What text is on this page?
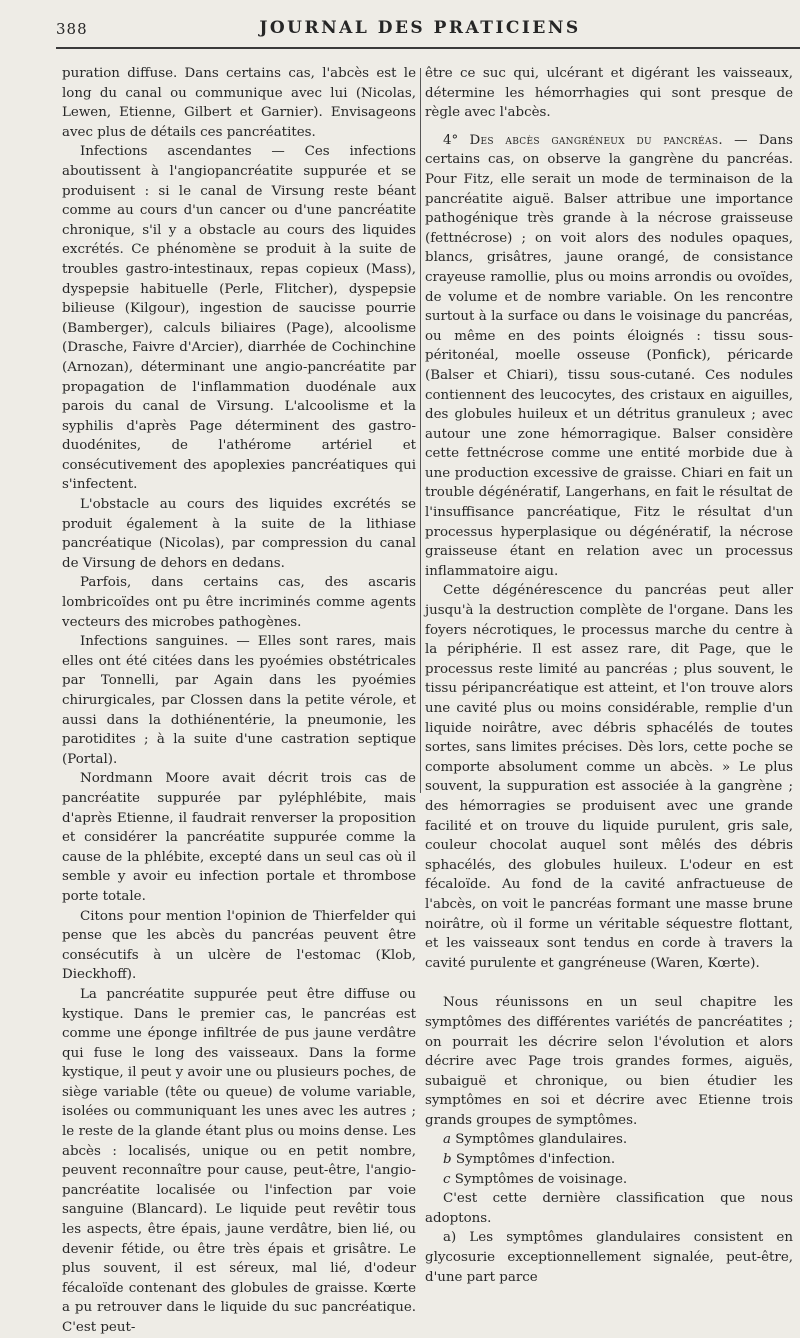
388	JOURNAL DES PRATICIENS

puration diffuse. Dans certains cas, l'abcès est le long du canal ou communique avec lui (Nicolas, Lewen, Etienne, Gilbert et Garnier). Envisageons avec plus de détails ces pancréatites.

Infections ascendantes — Ces infections aboutissent à l'angiopancréatite suppurée et se produisent : si le canal de Virsung reste béant comme au cours d'un cancer ou d'une pancréatite chronique, s'il y a obstacle au cours des liquides excrétés. Ce phénomène se produit à la suite de troubles gastro-intestinaux, repas copieux (Mass), dyspepsie habituelle (Perle, Flitcher), dyspepsie bilieuse (Kilgour), ingestion de saucisse pourrie (Bamberger), calculs biliaires (Page), alcoolisme (Drasche, Faivre d'Arcier), diarrhée de Cochinchine (Arnozan), déterminant une angio-pancréatite par propagation de l'inflammation duodénale aux parois du canal de Virsung. L'alcoolisme et la syphilis d'après Page déterminent des gastro-duodénites, de l'athérome artériel et consécutivement des apoplexies pancréatiques qui s'infectent.

L'obstacle au cours des liquides excrétés se produit également à la suite de la lithiase pancréatique (Nicolas), par compression du canal de Virsung de dehors en dedans.

Parfois, dans certains cas, des ascaris lombricoïdes ont pu être incriminés comme agents vecteurs des microbes pathogènes.

Infections sanguines. — Elles sont rares, mais elles ont été citées dans les pyoémies obstétricales par Tonnelli, par Again dans les pyoémies chirurgicales, par Clossen dans la petite vérole, et aussi dans la dothiénentérie, la pneumonie, les parotidites ; à la suite d'une castration septique (Portal).

Nordmann Moore avait décrit trois cas de pancréatite suppurée par pyléphlébite, mais d'après Etienne, il faudrait renverser la proposition et considérer la pancréatite suppurée comme la cause de la phlébite, excepté dans un seul cas où il semble y avoir eu infection portale et thrombose porte totale.

Citons pour mention l'opinion de Thierfelder qui pense que les abcès du pancréas peuvent être consécutifs à un ulcère de l'estomac (Klob, Dieckhoff).

La pancréatite suppurée peut être diffuse ou kystique. Dans le premier cas, le pancréas est comme une éponge infiltrée de pus jaune verdâtre qui fuse le long des vaisseaux. Dans la forme kystique, il peut y avoir une ou plusieurs poches, de siège variable (tête ou queue) de volume variable, isolées ou communiquant les unes avec les autres ; le reste de la glande étant plus ou moins dense. Les abcès : localisés, unique ou en petit nombre, peuvent reconnaître pour cause, peut-être, l'angio-pancréatite localisée ou l'infection par voie sanguine (Blancard). Le liquide peut revêtir tous les aspects, être épais, jaune verdâtre, bien lié, ou devenir fétide, ou être très épais et grisâtre. Le plus souvent, il est séreux, mal lié, d'odeur fécaloïde contenant des globules de graisse. Kœrte a pu retrouver dans le liquide du suc pancréatique. C'est peut-

être ce suc qui, ulcérant et digérant les vaisseaux, détermine les hémorrhagies qui sont presque de règle avec l'abcès.

4° Des abcès gangréneux du pancréas. — Dans certains cas, on observe la gangrène du pancréas. Pour Fitz, elle serait un mode de terminaison de la pancréatite aiguë. Balser attribue une importance pathogénique très grande à la nécrose graisseuse (fettnécrose) ; on voit alors des nodules opaques, blancs, grisâtres, jaune orangé, de consistance crayeuse ramollie, plus ou moins arrondis ou ovoïdes, de volume et de nombre variable. On les rencontre surtout à la surface ou dans le voisinage du pancréas, ou même en des points éloignés : tissu sous-péritonéal, moelle osseuse (Ponfick), péricarde (Balser et Chiari), tissu sous-cutané. Ces nodules contiennent des leucocytes, des cristaux en aiguilles, des globules huileux et un détritus granuleux ; avec autour une zone hémorragique. Balser considère cette fettnécrose comme une entité morbide due à une production excessive de graisse. Chiari en fait un trouble dégénératif, Langerhans, en fait le résultat de l'insuffisance pancréatique, Fitz le résultat d'un processus hyperplasique ou dégénératif, la nécrose graisseuse étant en relation avec un processus inflammatoire aigu.

Cette dégénérescence du pancréas peut aller jusqu'à la destruction complète de l'organe. Dans les foyers nécrotiques, le processus marche du centre à la périphérie. Il est assez rare, dit Page, que le processus reste limité au pancréas ; plus souvent, le tissu péripancréatique est atteint, et l'on trouve alors une cavité plus ou moins considérable, remplie d'un liquide noirâtre, avec débris sphacélés de toutes sortes, sans limites précises. Dès lors, cette poche se comporte absolument comme un abcès. » Le plus souvent, la suppuration est associée à la gangrène ; des hémorragies se produisent avec une grande facilité et on trouve du liquide purulent, gris sale, couleur chocolat auquel sont mêlés des débris sphacélés, des globules huileux. L'odeur en est fécaloïde. Au fond de la cavité anfractueuse de l'abcès, on voit le pancréas formant une masse brune noirâtre, où il forme un véritable séquestre flottant, et les vaisseaux sont tendus en corde à travers la cavité purulente et gangréneuse (Waren, Kœrte).

Nous réunissons en un seul chapitre les symptômes des différentes variétés de pancréatites ; on pourrait les décrire selon l'évolution et alors décrire avec Page trois grandes formes, aiguës, subaiguë et chronique, ou bien étudier les symptômes en soi et décrire avec Etienne trois grands groupes de symptômes.

a Symptômes glandulaires.

b Symptômes d'infection.

c Symptômes de voisinage.

C'est cette dernière classification que nous adoptons.

a) Les symptômes glandulaires consistent en glycosurie exceptionnellement signalée, peut-être, d'une part parce
